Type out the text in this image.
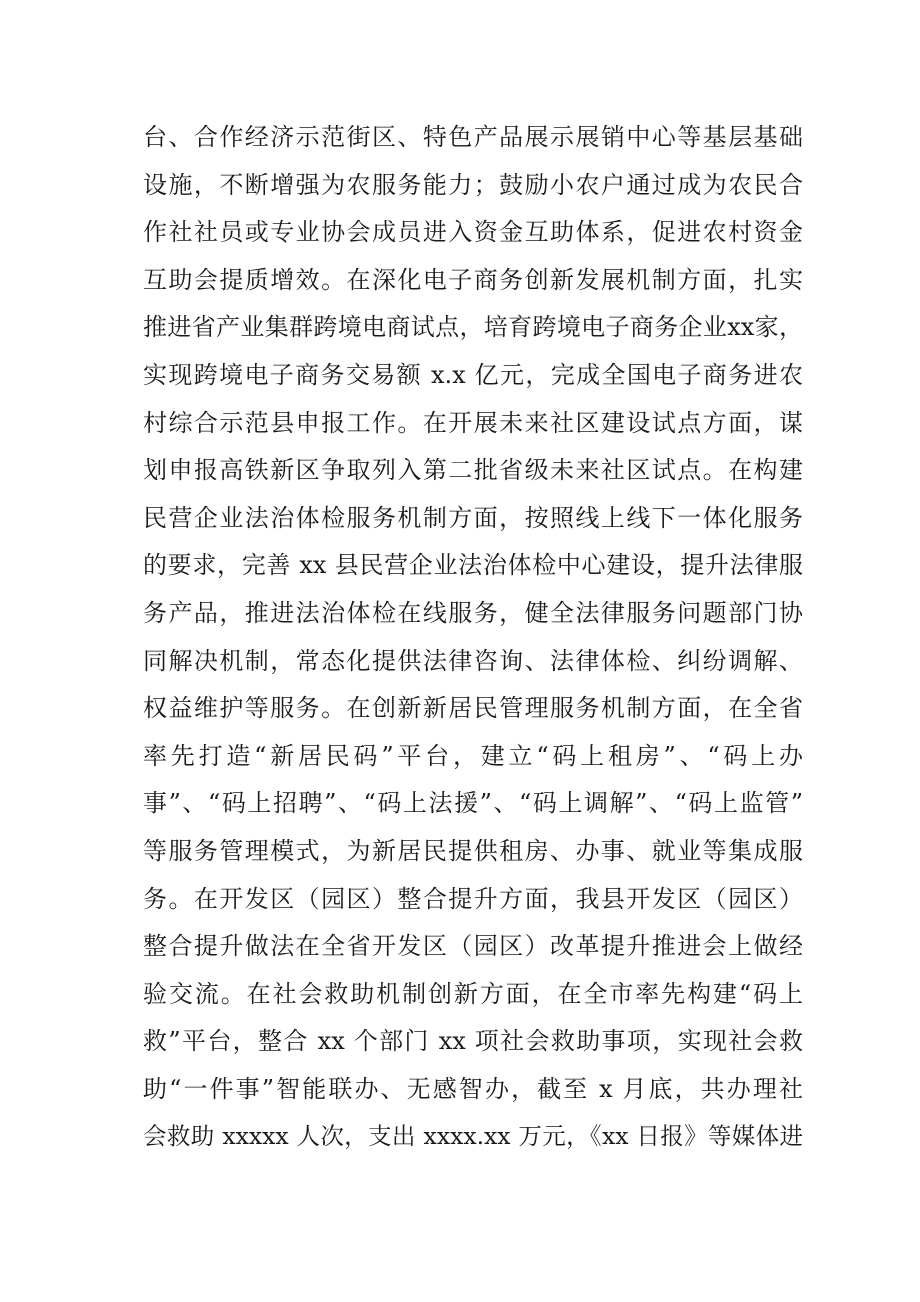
台、合作经济示范街区、特色产品展示展销中心等基层基础
设施，不断增强为农服务能力；鼓励小农户通过成为农民合
作社社员或专业协会成员进入资金互助体系，促进农村资金
互助会提质增效。在深化电子商务创新发展机制方面，扎实
推进省产业集群跨境电商试点，培育跨境电子商务企业xx家，
实现跨境电子商务交易额 x.x 亿元，完成全国电子商务进农
村综合示范县申报工作。在开展未来社区建设试点方面，谋
划申报高铁新区争取列入第二批省级未来社区试点。在构建
民营企业法治体检服务机制方面，按照线上线下一体化服务
的要求，完善 xx 县民营企业法治体检中心建设，提升法律服
务产品，推进法治体检在线服务，健全法律服务问题部门协
同解决机制，常态化提供法律咨询、法律体检、纠纷调解、
权益维护等服务。在创新新居民管理服务机制方面，在全省
率先打造“新居民码”平台，建立“码上租房”、“码上办
事”、“码上招聘”、“码上法援”、“码上调解”、“码上监管”
等服务管理模式，为新居民提供租房、办事、就业等集成服
务。在开发区（园区）整合提升方面，我县开发区（园区）
整合提升做法在全省开发区（园区）改革提升推进会上做经
验交流。在社会救助机制创新方面，在全市率先构建“码上
救”平台，整合 xx 个部门 xx 项社会救助事项，实现社会救
助“一件事”智能联办、无感智办，截至 x 月底，共办理社
会救助 xxxxx 人次，支出 xxxx.xx 万元，《xx 日报》等媒体进
